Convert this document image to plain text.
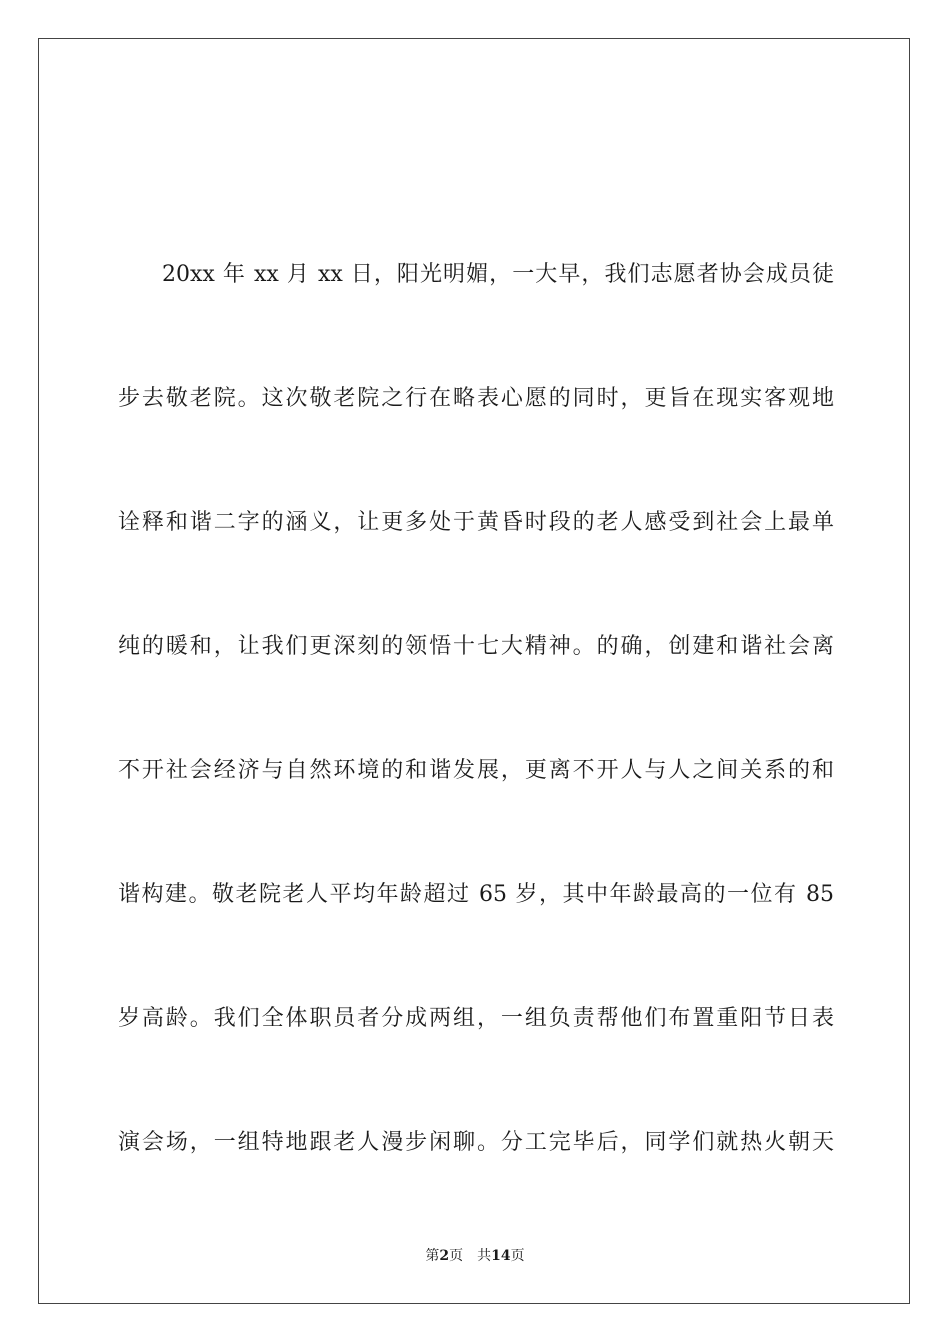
20xx 年 xx 月 xx 日，阳光明媚，一大早，我们志愿者协会成员徒
步去敬老院。这次敬老院之行在略表心愿的同时，更旨在现实客观地
诠释和谐二字的涵义，让更多处于黄昏时段的老人感受到社会上最单
纯的暖和，让我们更深刻的领悟十七大精神。的确，创建和谐社会离
不开社会经济与自然环境的和谐发展，更离不开人与人之间关系的和
谐构建。敬老院老人平均年龄超过 65 岁，其中年龄最高的一位有 85
岁高龄。我们全体职员者分成两组，一组负责帮他们布置重阳节日表
演会场，一组特地跟老人漫步闲聊。分工完毕后，同学们就热火朝天
第2页 共14页
